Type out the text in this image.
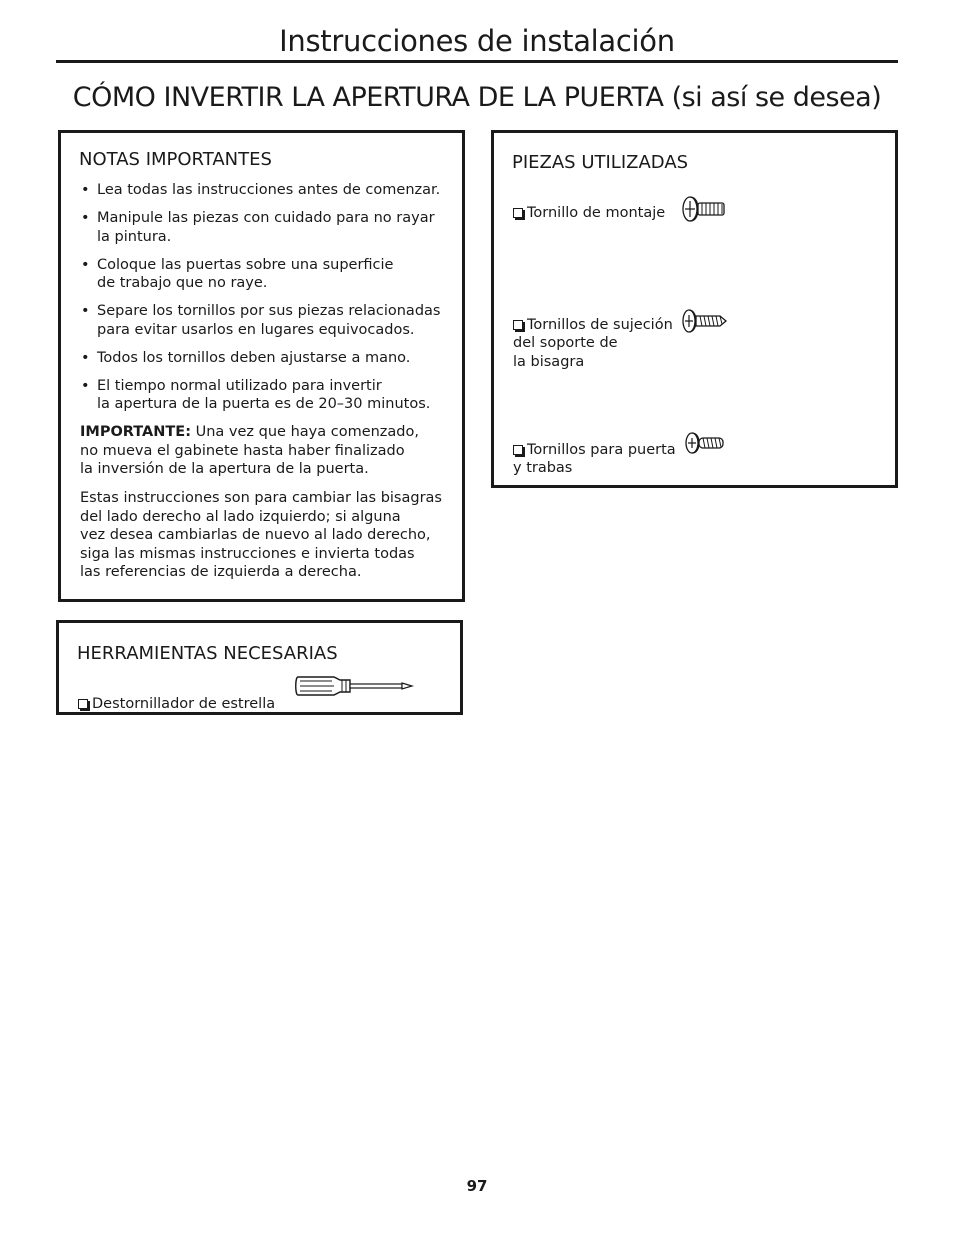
Instrucciones de instalación
CÓMO INVERTIR LA APERTURA DE LA PUERTA (si así se desea)
NOTAS IMPORTANTES
• Lea todas las instrucciones antes de comenzar.
• Manipule las piezas con cuidado para no rayar
la pintura.
• Coloque las puertas sobre una superficie
de trabajo que no raye.
• Separe los tornillos por sus piezas relacionadas
para evitar usarlos en lugares equivocados.
• Todos los tornillos deben ajustarse a mano.
• El tiempo normal utilizado para invertir
la apertura de la puerta es de 20–30 minutos.

IMPORTANTE: Una vez que haya comenzado,
no mueva el gabinete hasta haber finalizado
la inversión de la apertura de la puerta.

Estas instrucciones son para cambiar las bisagras
del lado derecho al lado izquierdo; si alguna
vez desea cambiarlas de nuevo al lado derecho,
siga las mismas instrucciones e invierta todas
las referencias de izquierda a derecha.

PIEZAS UTILIZADAS

Tornillo de montaje

Tornillos de sujeción
del soporte de
la bisagra

Tornillos para puerta
y trabas

HERRAMIENTAS NECESARIAS

Destornillador de estrella

97
